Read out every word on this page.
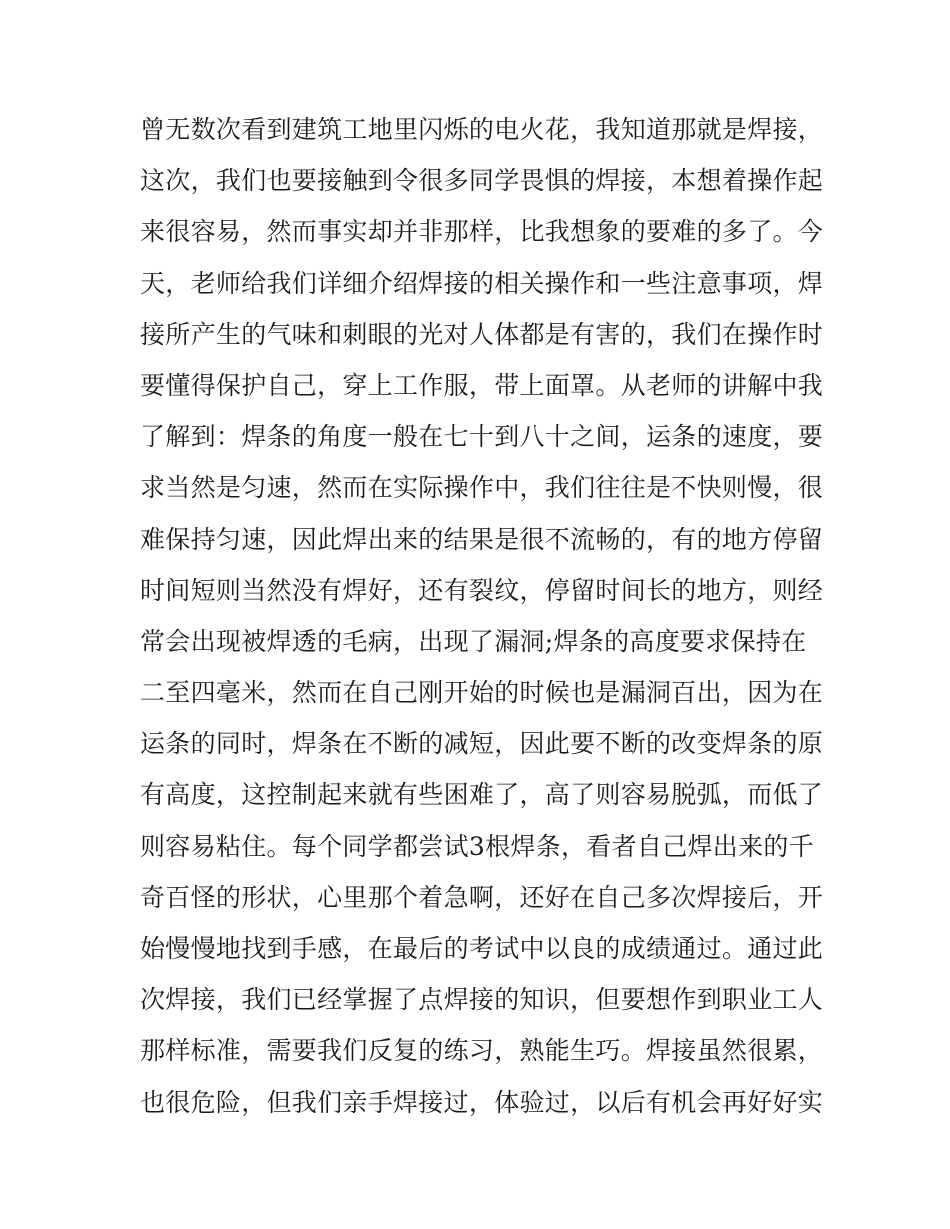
曾无数次看到建筑工地里闪烁的电火花，我知道那就是焊接，
这次，我们也要接触到令很多同学畏惧的焊接，本想着操作起
来很容易，然而事实却并非那样，比我想象的要难的多了。今
天，老师给我们详细介绍焊接的相关操作和一些注意事项，焊
接所产生的气味和刺眼的光对人体都是有害的，我们在操作时
要懂得保护自己，穿上工作服，带上面罩。从老师的讲解中我
了解到：焊条的角度一般在七十到八十之间，运条的速度，要
求当然是匀速，然而在实际操作中，我们往往是不快则慢，很
难保持匀速，因此焊出来的结果是很不流畅的，有的地方停留
时间短则当然没有焊好，还有裂纹，停留时间长的地方，则经
常会出现被焊透的毛病，出现了漏洞;焊条的高度要求保持在
二至四毫米，然而在自己刚开始的时候也是漏洞百出，因为在
运条的同时，焊条在不断的减短，因此要不断的改变焊条的原
有高度，这控制起来就有些困难了，高了则容易脱弧，而低了
则容易粘住。每个同学都尝试3根焊条，看者自己焊出来的千
奇百怪的形状，心里那个着急啊，还好在自己多次焊接后，开
始慢慢地找到手感，在最后的考试中以良的成绩通过。通过此
次焊接，我们已经掌握了点焊接的知识，但要想作到职业工人
那样标准，需要我们反复的练习，熟能生巧。焊接虽然很累，
也很危险，但我们亲手焊接过，体验过，以后有机会再好好实
